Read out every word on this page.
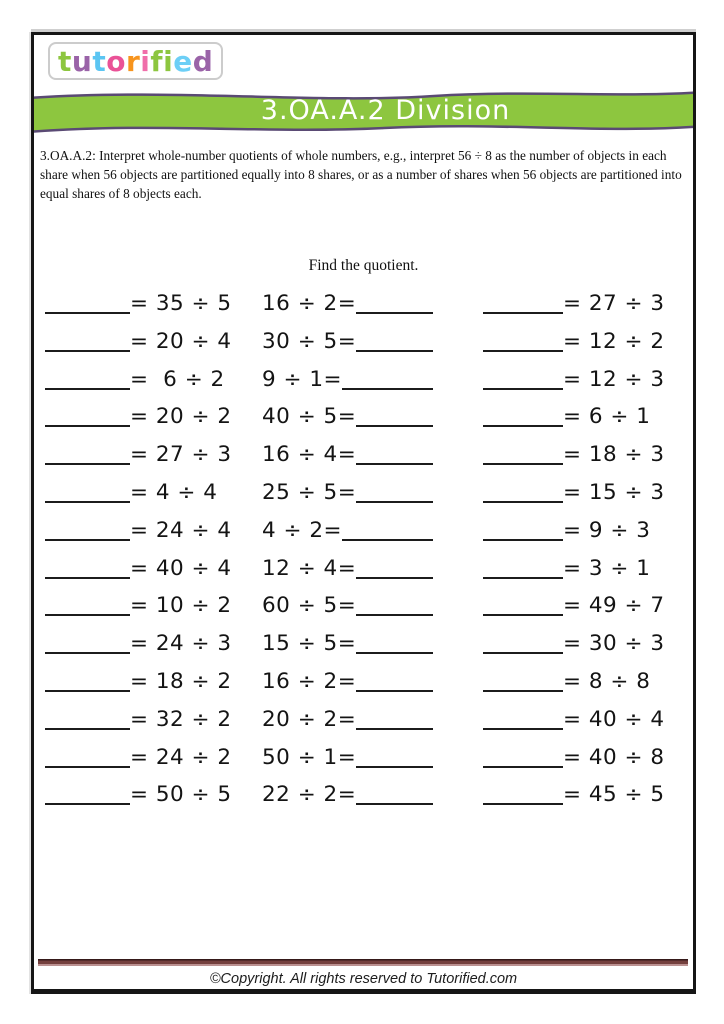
t u t o r i f i e d
3.OA.A.2 Division
3.OA.A.2: Interpret whole-number quotients of whole numbers, e.g., interpret 56 ÷ 8 as the number of objects in each share when 56 objects are partitioned equally into 8 shares, or as a number of shares when 56 objects are partitioned into equal shares of 8 objects each.
Find the quotient.
= 35 ÷ 5 16 ÷ 2=	= 27 ÷ 3
= 20 ÷ 4 30 ÷ 5=	= 12 ÷ 2
=  6 ÷ 2 9 ÷ 1=	= 12 ÷ 3
= 20 ÷ 2 40 ÷ 5=	= 6 ÷ 1
= 27 ÷ 3 16 ÷ 4=	= 18 ÷ 3
= 4 ÷ 4 25 ÷ 5=	= 15 ÷ 3
= 24 ÷ 4 4 ÷ 2=	= 9 ÷ 3
= 40 ÷ 4 12 ÷ 4=	= 3 ÷ 1
= 10 ÷ 2 60 ÷ 5=	= 49 ÷ 7
= 24 ÷ 3 15 ÷ 5=	= 30 ÷ 3
= 18 ÷ 2 16 ÷ 2=	= 8 ÷ 8
= 32 ÷ 2 20 ÷ 2=	= 40 ÷ 4
= 24 ÷ 2 50 ÷ 1=	= 40 ÷ 8
= 50 ÷ 5 22 ÷ 2=	= 45 ÷ 5
©Copyright. All rights reserved to Tutorified.com
